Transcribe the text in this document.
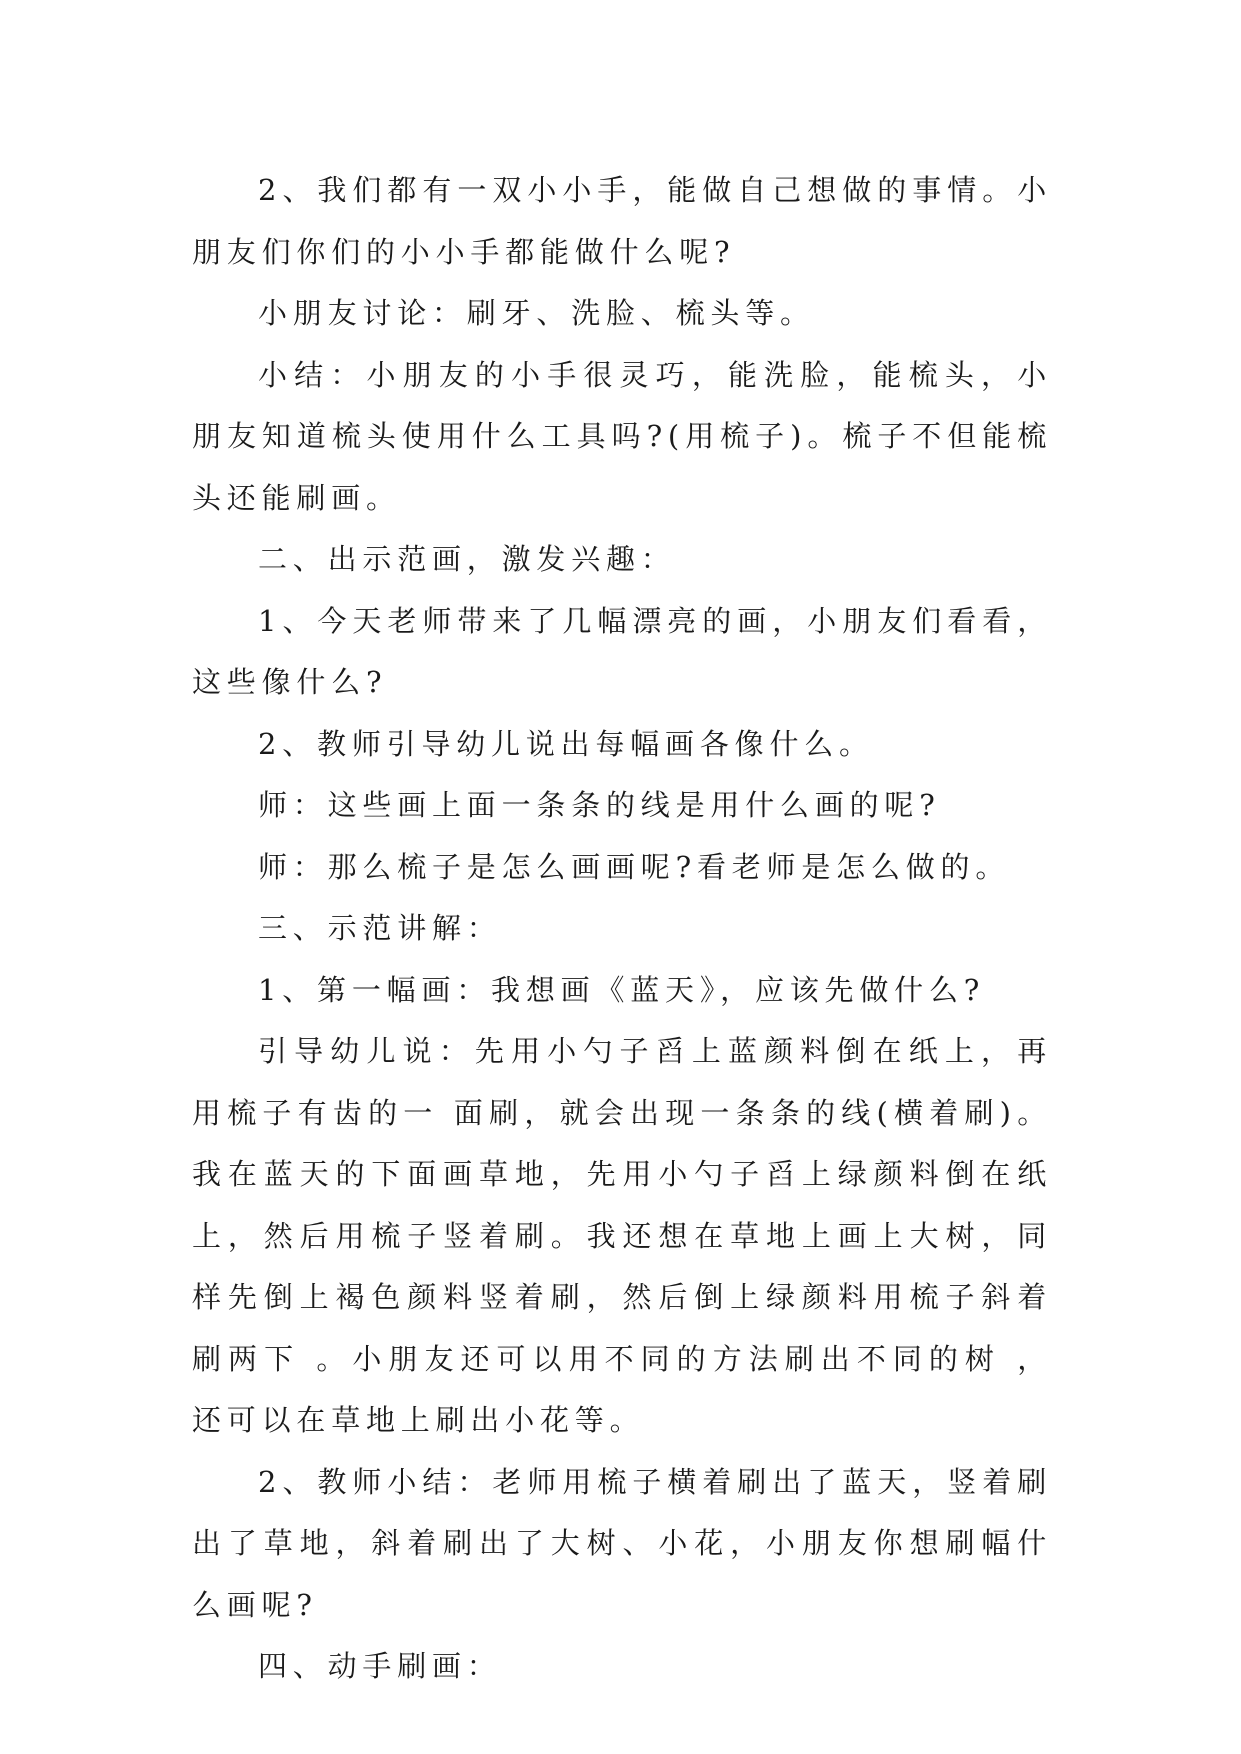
2、我们都有一双小小手，能做自己想做的事情。小朋友们你们的小小手都能做什么呢?

小朋友讨论：刷牙、洗脸、梳头等。

小结：小朋友的小手很灵巧，能洗脸，能梳头，小朋友知道梳头使用什么工具吗?(用梳子)。梳子不但能梳头还能刷画。

二、出示范画，激发兴趣：

1、今天老师带来了几幅漂亮的画，小朋友们看看，这些像什么?

2、教师引导幼儿说出每幅画各像什么。

师：这些画上面一条条的线是用什么画的呢?

师：那么梳子是怎么画画呢?看老师是怎么做的。

三、示范讲解：

1、第一幅画：我想画《蓝天》，应该先做什么?

引导幼儿说：先用小勺子舀上蓝颜料倒在纸上，再用梳子有齿的一 面刷，就会出现一条条的线(横着刷)。我在蓝天的下面画草地，先用小勺子舀上绿颜料倒在纸上，然后用梳子竖着刷。我还想在草地上画上大树，同样先倒上褐色颜料竖着刷，然后倒上绿颜料用梳子斜着刷两下 。小朋友还可以用不同的方法刷出不同的树 ，还可以在草地上刷出小花等。

2、教师小结：老师用梳子横着刷出了蓝天，竖着刷出了草地，斜着刷出了大树、小花，小朋友你想刷幅什么画呢?

四、动手刷画：
